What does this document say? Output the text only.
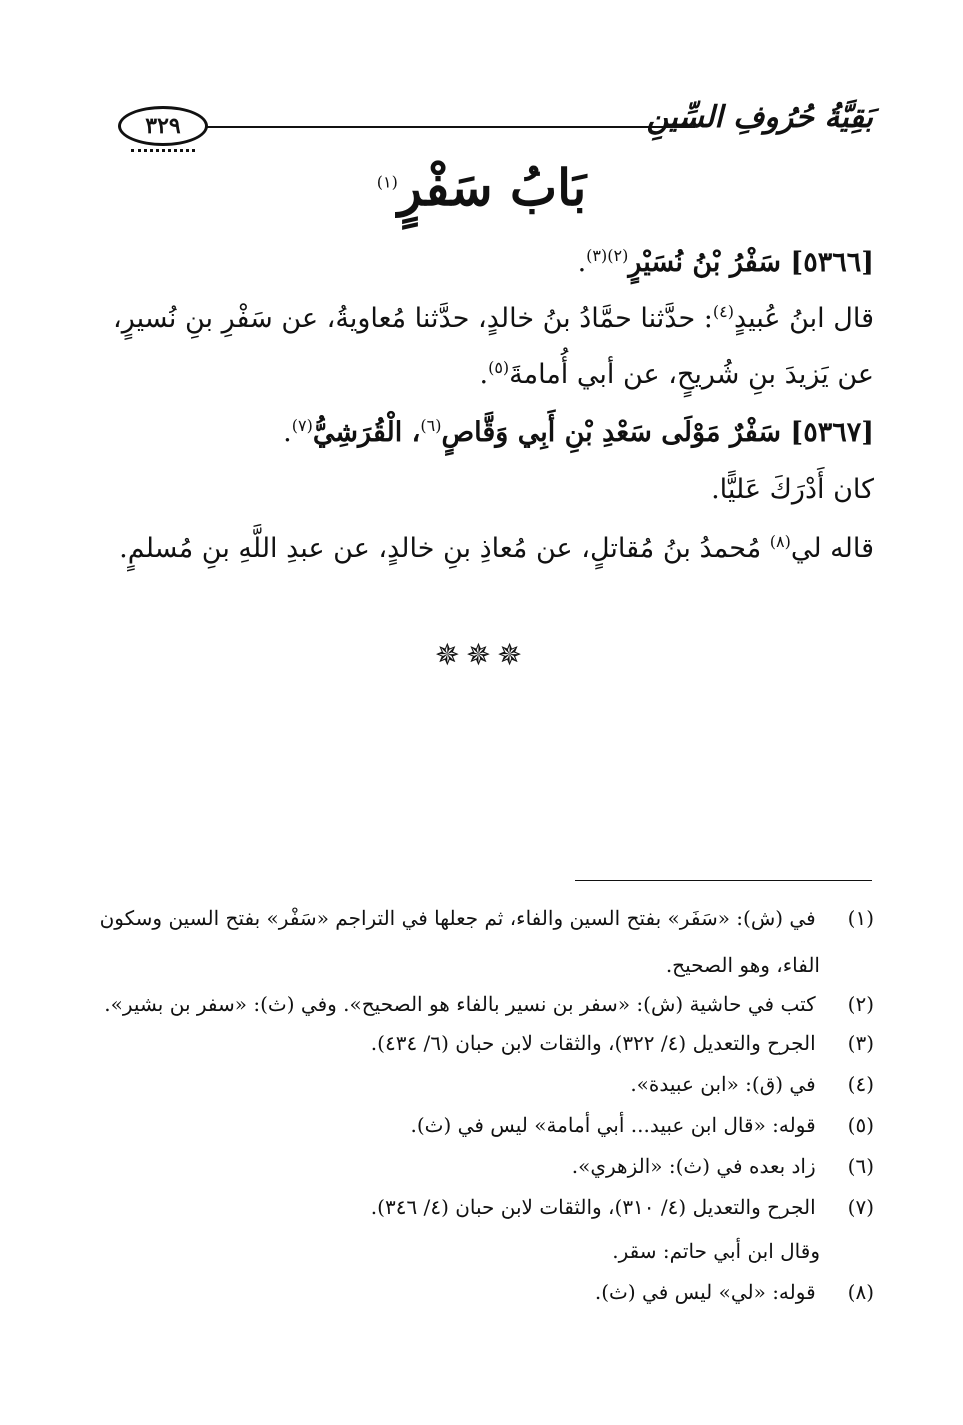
بَقِيَّةُ حُرُوفِ السِّينِ
٣٢٩
بَابُ سَفْرٍ$^{(١)}$
[٥٣٦٦] سَفْرُ بْنُ نُسَيْرٍ$^{(٢)(٣)}$.
قال ابنُ عُبيدٍ$^{(٤)}$: حدَّثنا حمَّادُ بنُ خالدٍ، حدَّثنا مُعاويةُ، عن سَفْرِ بنِ نُسيرٍ،
عن يَزيدَ بنِ شُريحٍ، عن أبي أُمامةَ$^{(٥)}$.
[٥٣٦٧] سَفْرٌ مَوْلَى سَعْدِ بْنِ أَبِي وَقَّاصٍ$^{(٦)}$، الْقُرَشِيُّ$^{(٧)}$.
كان أَدْرَكَ عَليًّا.
قاله لي$^{(٨)}$ مُحمدُ بنُ مُقاتلٍ، عن مُعاذِ بنِ خالدٍ، عن عبدِ اللَّهِ بنِ مُسلمٍ.
✵✵✵
(١) في (ش): «سَفَر» بفتح السين والفاء، ثم جعلها في التراجم «سَفْر» بفتح السين وسكون
الفاء، وهو الصحيح.
(٢) كتب في حاشية (ش): «سفر بن نسير بالفاء هو الصحيح». وفي (ث): «سفر بن بشير».
(٣) الجرح والتعديل (٤/ ٣٢٢)، والثقات لابن حبان (٦/ ٤٣٤).
(٤) في (ق): «ابن عبيدة».
(٥) قوله: «قال ابن عبيد... أبي أمامة» ليس في (ث).
(٦) زاد بعده في (ث): «الزهري».
(٧) الجرح والتعديل (٤/ ٣١٠)، والثقات لابن حبان (٤/ ٣٤٦).
وقال ابن أبي حاتم: سقر.
(٨) قوله: «لي» ليس في (ث).
